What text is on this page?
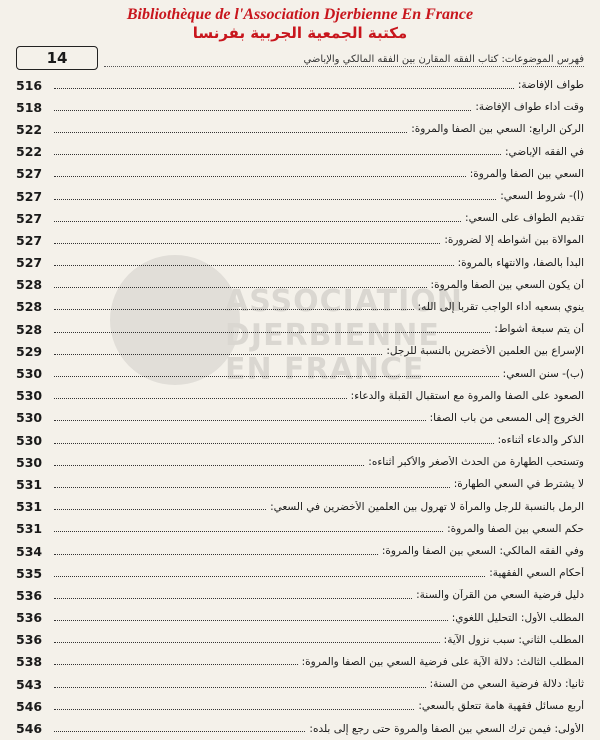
Bibliothèque de l'Association Djerbienne En France
مكتبة الجمعية الجربية بفرنسا
14	فهرس الموضوعات: كتاب الفقه المقارن بين الفقه المالكي والإباضي
ASSOCIATION DJERBIENNE EN FRANCE
طواف الإفاضة:
516
وقت أداء طواف الإفاضة:
518
الركن الرابع: السعي بين الصفا والمروة:
522
في الفقه الإباضي:
522
السعي بين الصفا والمروة:
527
(أ)- شروط السعي:
527
تقديم الطواف على السعي:
527
الموالاة بين أشواطه إلا لضرورة:
527
البدأ بالصفا، والانتهاء بالمروة:
527
أن يكون السعي بين الصفا والمروة:
528
ينوي بسعيه أداء الواجب تقرباً إلى الله:
528
أن يتم سبعة أشواط:
528
الإسراع بين العلمين الأخضرين بالنسبة للرجل:
529
(ب)- سنن السعي:
530
الصعود على الصفا والمروة مع استقبال القبلة والدعاء:
530
الخروج إلى المسعى من باب الصفا:
530
الذكر والدعاء أثناءه:
530
وتستحب الطهارة من الحدث الأصغر والأكبر أثناءه:
530
لا يشترط في السعي الطهارة:
531
الرمل بالنسبة للرجل والمرأة لا تهرول بين العلمين الأخضرين في السعي:
531
حكم السعي بين الصفا والمروة:
531
وفي الفقه المالكي: السعي بين الصفا والمروة:
534
أحكام السعي الفقهية:
535
دليل فرضية السعي من القرآن والسنة:
536
المطلب الأول: التحليل اللغوي:
536
المطلب الثاني: سبب نزول الآية:
536
المطلب الثالث: دلالة الآية على فرضية السعي بين الصفا والمروة:
538
ثانياً: دلالة فرضية السعي من السنة:
543
أربع مسائل فقهية هامة تتعلق بالسعي:
546
الأولى: فيمن ترك السعي بين الصفا والمروة حتى رجع إلى بلده:
546
